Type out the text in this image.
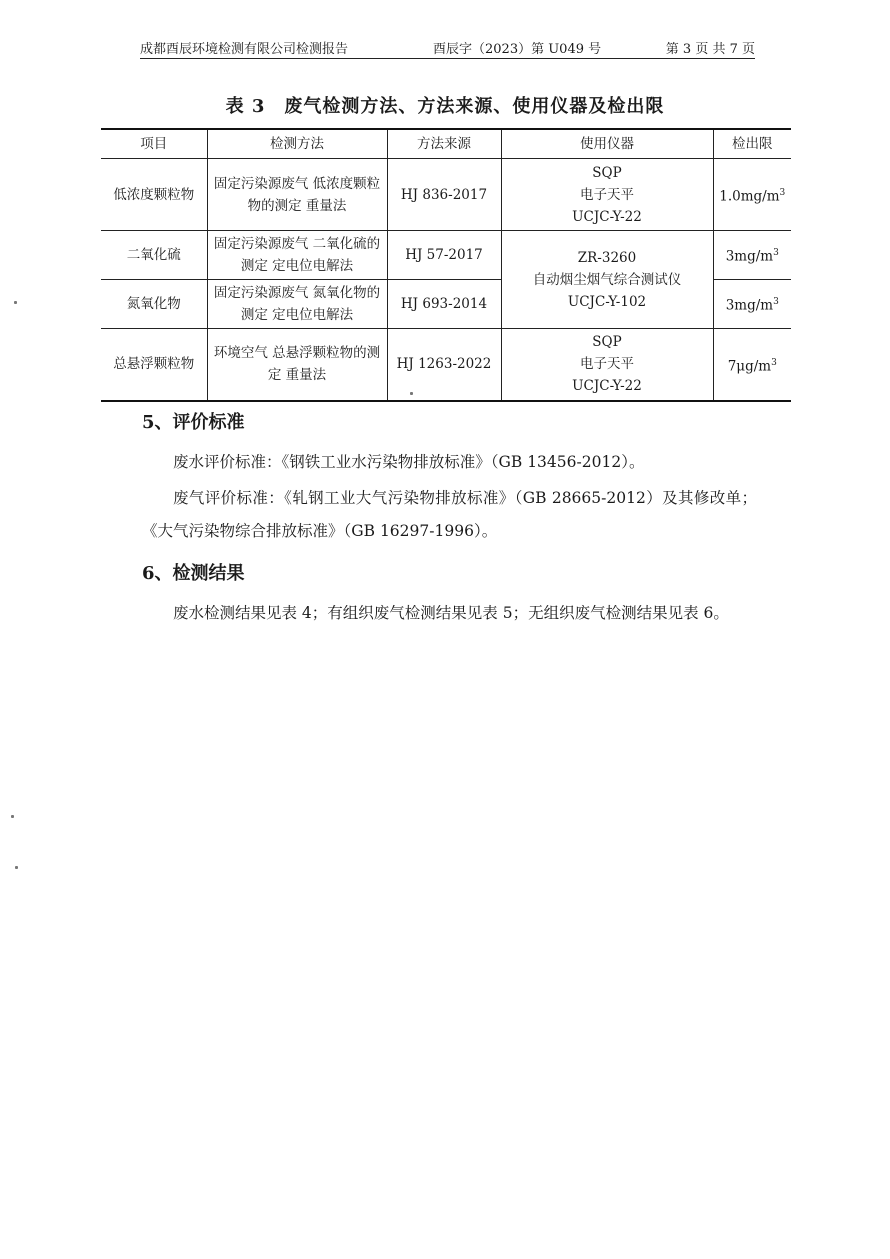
成都酉辰环境检测有限公司检测报告	酉辰字（2023）第 U049 号	第 3 页 共 7 页
表 3　废气检测方法、方法来源、使用仪器及检出限
项目	检测方法	方法来源	使用仪器	检出限
低浓度颗粒物	固定污染源废气 低浓度颗粒物的测定 重量法	HJ 836-2017	SQP
电子天平
UCJC-Y-22	$1.0mg/m^3$
二氧化硫	固定污染源废气 二氧化硫的测定 定电位电解法	HJ 57-2017	ZR-3260
自动烟尘烟气综合测试仪
UCJC-Y-102	$3mg/m^3$
氮氧化物	固定污染源废气 氮氧化物的测定 定电位电解法	HJ 693-2014		$3mg/m^3$
总悬浮颗粒物	环境空气 总悬浮颗粒物的测定 重量法	HJ 1263-2022	SQP
电子天平
UCJC-Y-22	$7\mu g/m^3$
5、评价标准
废水评价标准：《钢铁工业水污染物排放标准》（GB 13456-2012）。
废气评价标准：《轧钢工业大气污染物排放标准》（GB 28665-2012）及其修改单；《大气污染物综合排放标准》（GB 16297-1996）。
6、检测结果
废水检测结果见表 4；有组织废气检测结果见表 5；无组织废气检测结果见表 6。
